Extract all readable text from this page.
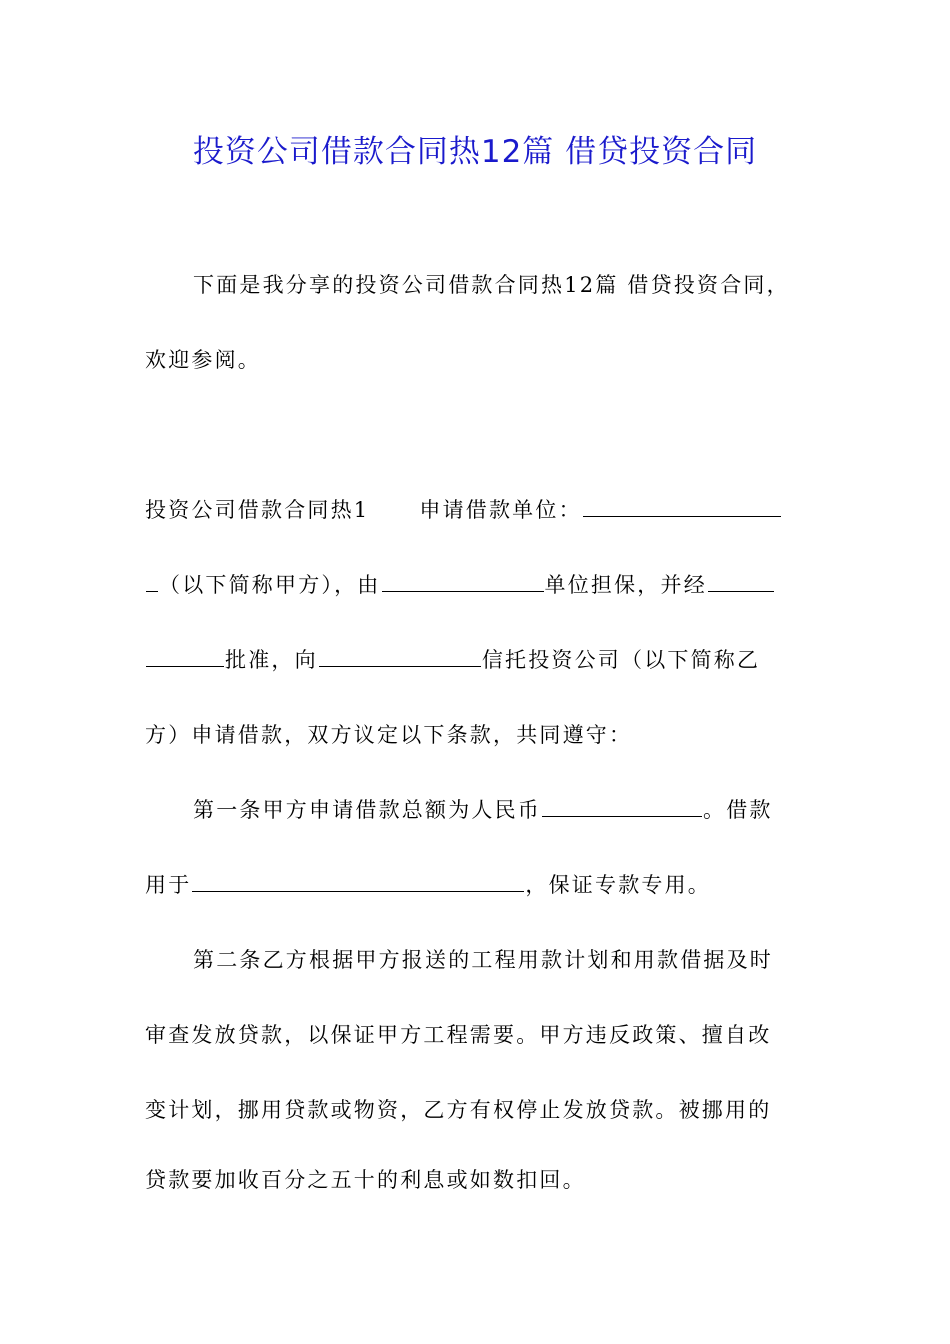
投资公司借款合同热12篇 借贷投资合同
下面是我分享的投资公司借款合同热12篇 借贷投资合同，
欢迎参阅。
投资公司借款合同热1 申请借款单位：
（以下简称甲方），由	单位担保，并经
批准，向	信托投资公司（以下简称乙
方）申请借款，双方议定以下条款，共同遵守：
第一条甲方申请借款总额为人民币	。借款
用于	，保证专款专用。
第二条乙方根据甲方报送的工程用款计划和用款借据及时
审查发放贷款，以保证甲方工程需要。甲方违反政策、擅自改
变计划，挪用贷款或物资，乙方有权停止发放贷款。被挪用的
贷款要加收百分之五十的利息或如数扣回。
